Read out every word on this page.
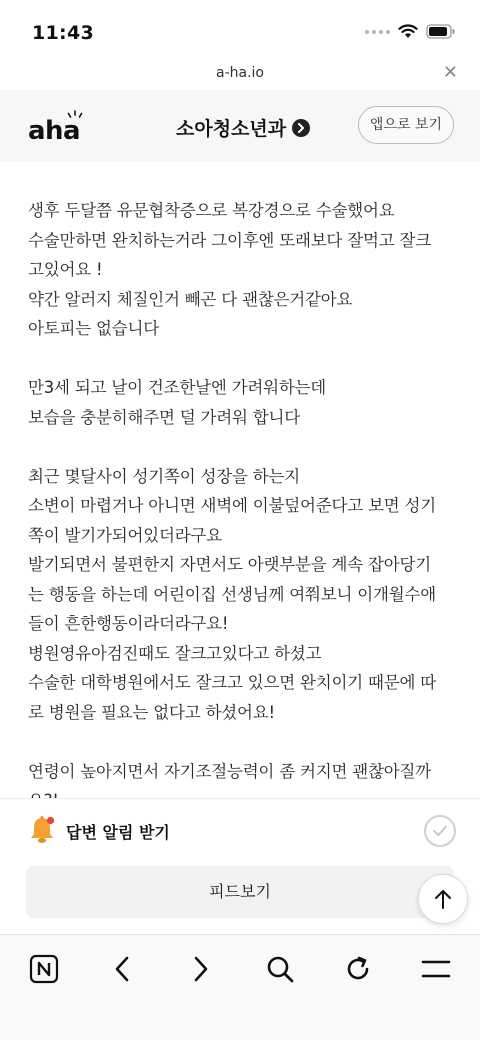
11:43
a-ha.io	✕
aha	소아청소년과	앱으로 보기
생후 두달쯤 유문협착증으로 복강경으로 수술했어요
수술만하면 완치하는거라 그이후엔 또래보다 잘먹고 잘크
고있어요 !
약간 알러지 체질인거 빼곤 다 괜찮은거같아요
아토피는 없습니다
만3세 되고 날이 건조한날엔 가려워하는데
보습을 충분히해주면 덜 가려워 합니다
최근 몇달사이 성기쪽이 성장을 하는지
소변이 마렵거나 아니면 새벽에 이불덮어준다고 보면 성기
쪽이 발기가되어있더라구요
발기되면서 불편한지 자면서도 아랫부분을 계속 잡아당기
는 행동을 하는데 어린이집 선생님께 여쭤보니 이개월수애
들이 흔한행동이라더라구요!
병원영유아검진때도 잘크고있다고 하셨고
수술한 대학병원에서도 잘크고 있으면 완치이기 때문에 따
로 병원을 필요는 없다고 하셨어요!
연령이 높아지면서 자기조절능력이 좀 커지면 괜찮아질까
답변 알림 받기
피드보기
